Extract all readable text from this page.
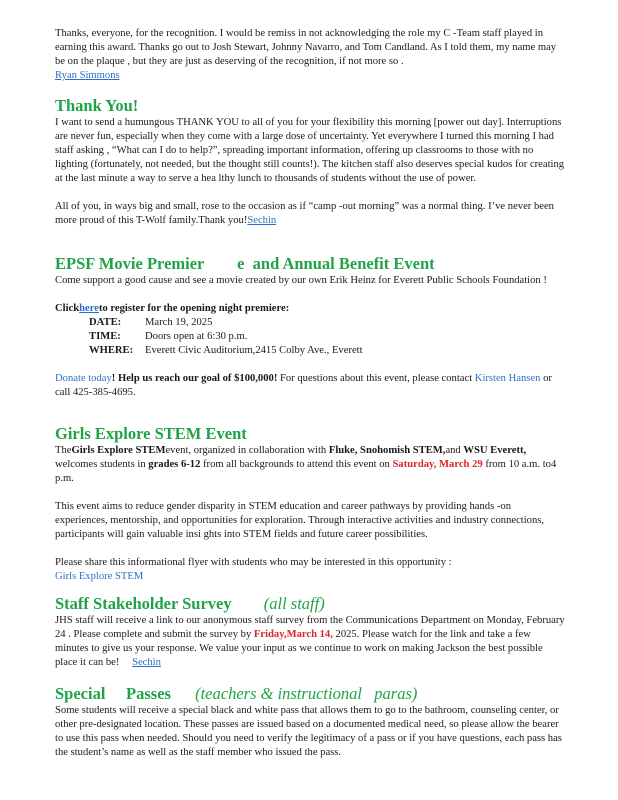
Thanks, everyone, for the recognition. I would be remiss in not acknowledging the role my C -Team staff played in earning this award. Thanks go out to Josh Stewart, Johnny Navarro, and Tom Candland. As I told them, my name may be on the plaque , but they are just as deserving of the recognition, if not more so .

Ryan Simmons
Thank You!

I want to send a humungous THANK YOU to all of you for your flexibility this morning [power out day]. Interruptions are never fun, especially when they come with a large dose of uncertainty. Yet everywhere I turned this morning I had staff asking , “What can I do to help?”, spreading important information, offering up classrooms to those with no lighting (fortunately, not needed, but the thought still counts!). The kitchen staff also deserves special kudos for creating at the last minute a way to serve a hea lthy lunch to thousands of students without the use of power.

All of you, in ways big and small, rose to the occasion as if “camp -out morning” was a normal thing. I’ve never been more proud of this T-Wolf family.Thank you!Sechin

EPSF Movie Premier        e  and Annual Benefit Event

Come support a good cause and see a movie created by our own Erik Heinz for Everett Public Schools Foundation !

Clickhereto register for the opening night premiere:

DATE:	March 19, 2025
TIME:	Doors open at 6:30 p.m.
WHERE:	Everett Civic Auditorium,2415 Colby Ave., Everett

Donate today! Help us reach our goal of $100,000! For questions about this event, please contact Kirsten Hansen or call 425-385-4695.

Girls Explore STEM Event

TheGirls Explore STEMevent, organized in collaboration with Fluke, Snohomish STEM,and WSU Everett, welcomes students in grades 6-12 from all backgrounds to attend this event on Saturday, March 29 from 10 a.m. to4 p.m.

This event aims to reduce gender disparity in STEM education and career pathways by providing hands -on experiences, mentorship, and opportunities for exploration. Through interactive activities and industry connections, participants will gain valuable insi ghts into STEM fields and future career possibilities.

Please share this informational flyer with students who may be interested in this opportunity :

Girls Explore STEM
Staff Stakeholder Survey (all staff)

JHS staff will receive a link to our anonymous staff survey from the Communications Department on Monday, February 24 . Please complete and submit the survey by Friday,March 14, 2025. Please watch for the link and take a few minutes to give us your response. We value your input as we continue to work on making Jackson the best possible place it can be! Sechin

Special     Passes (teachers & instructional   paras)

Some students will receive a special black and white pass that allows them to go to the bathroom, counseling center, or other pre-designated location. These passes are issued based on a documented medical need, so please allow the bearer to use this pass when needed. Should you need to verify the legitimacy of a pass or if you have questions, each pass has the student’s name as well as the staff member who issued the pass.
